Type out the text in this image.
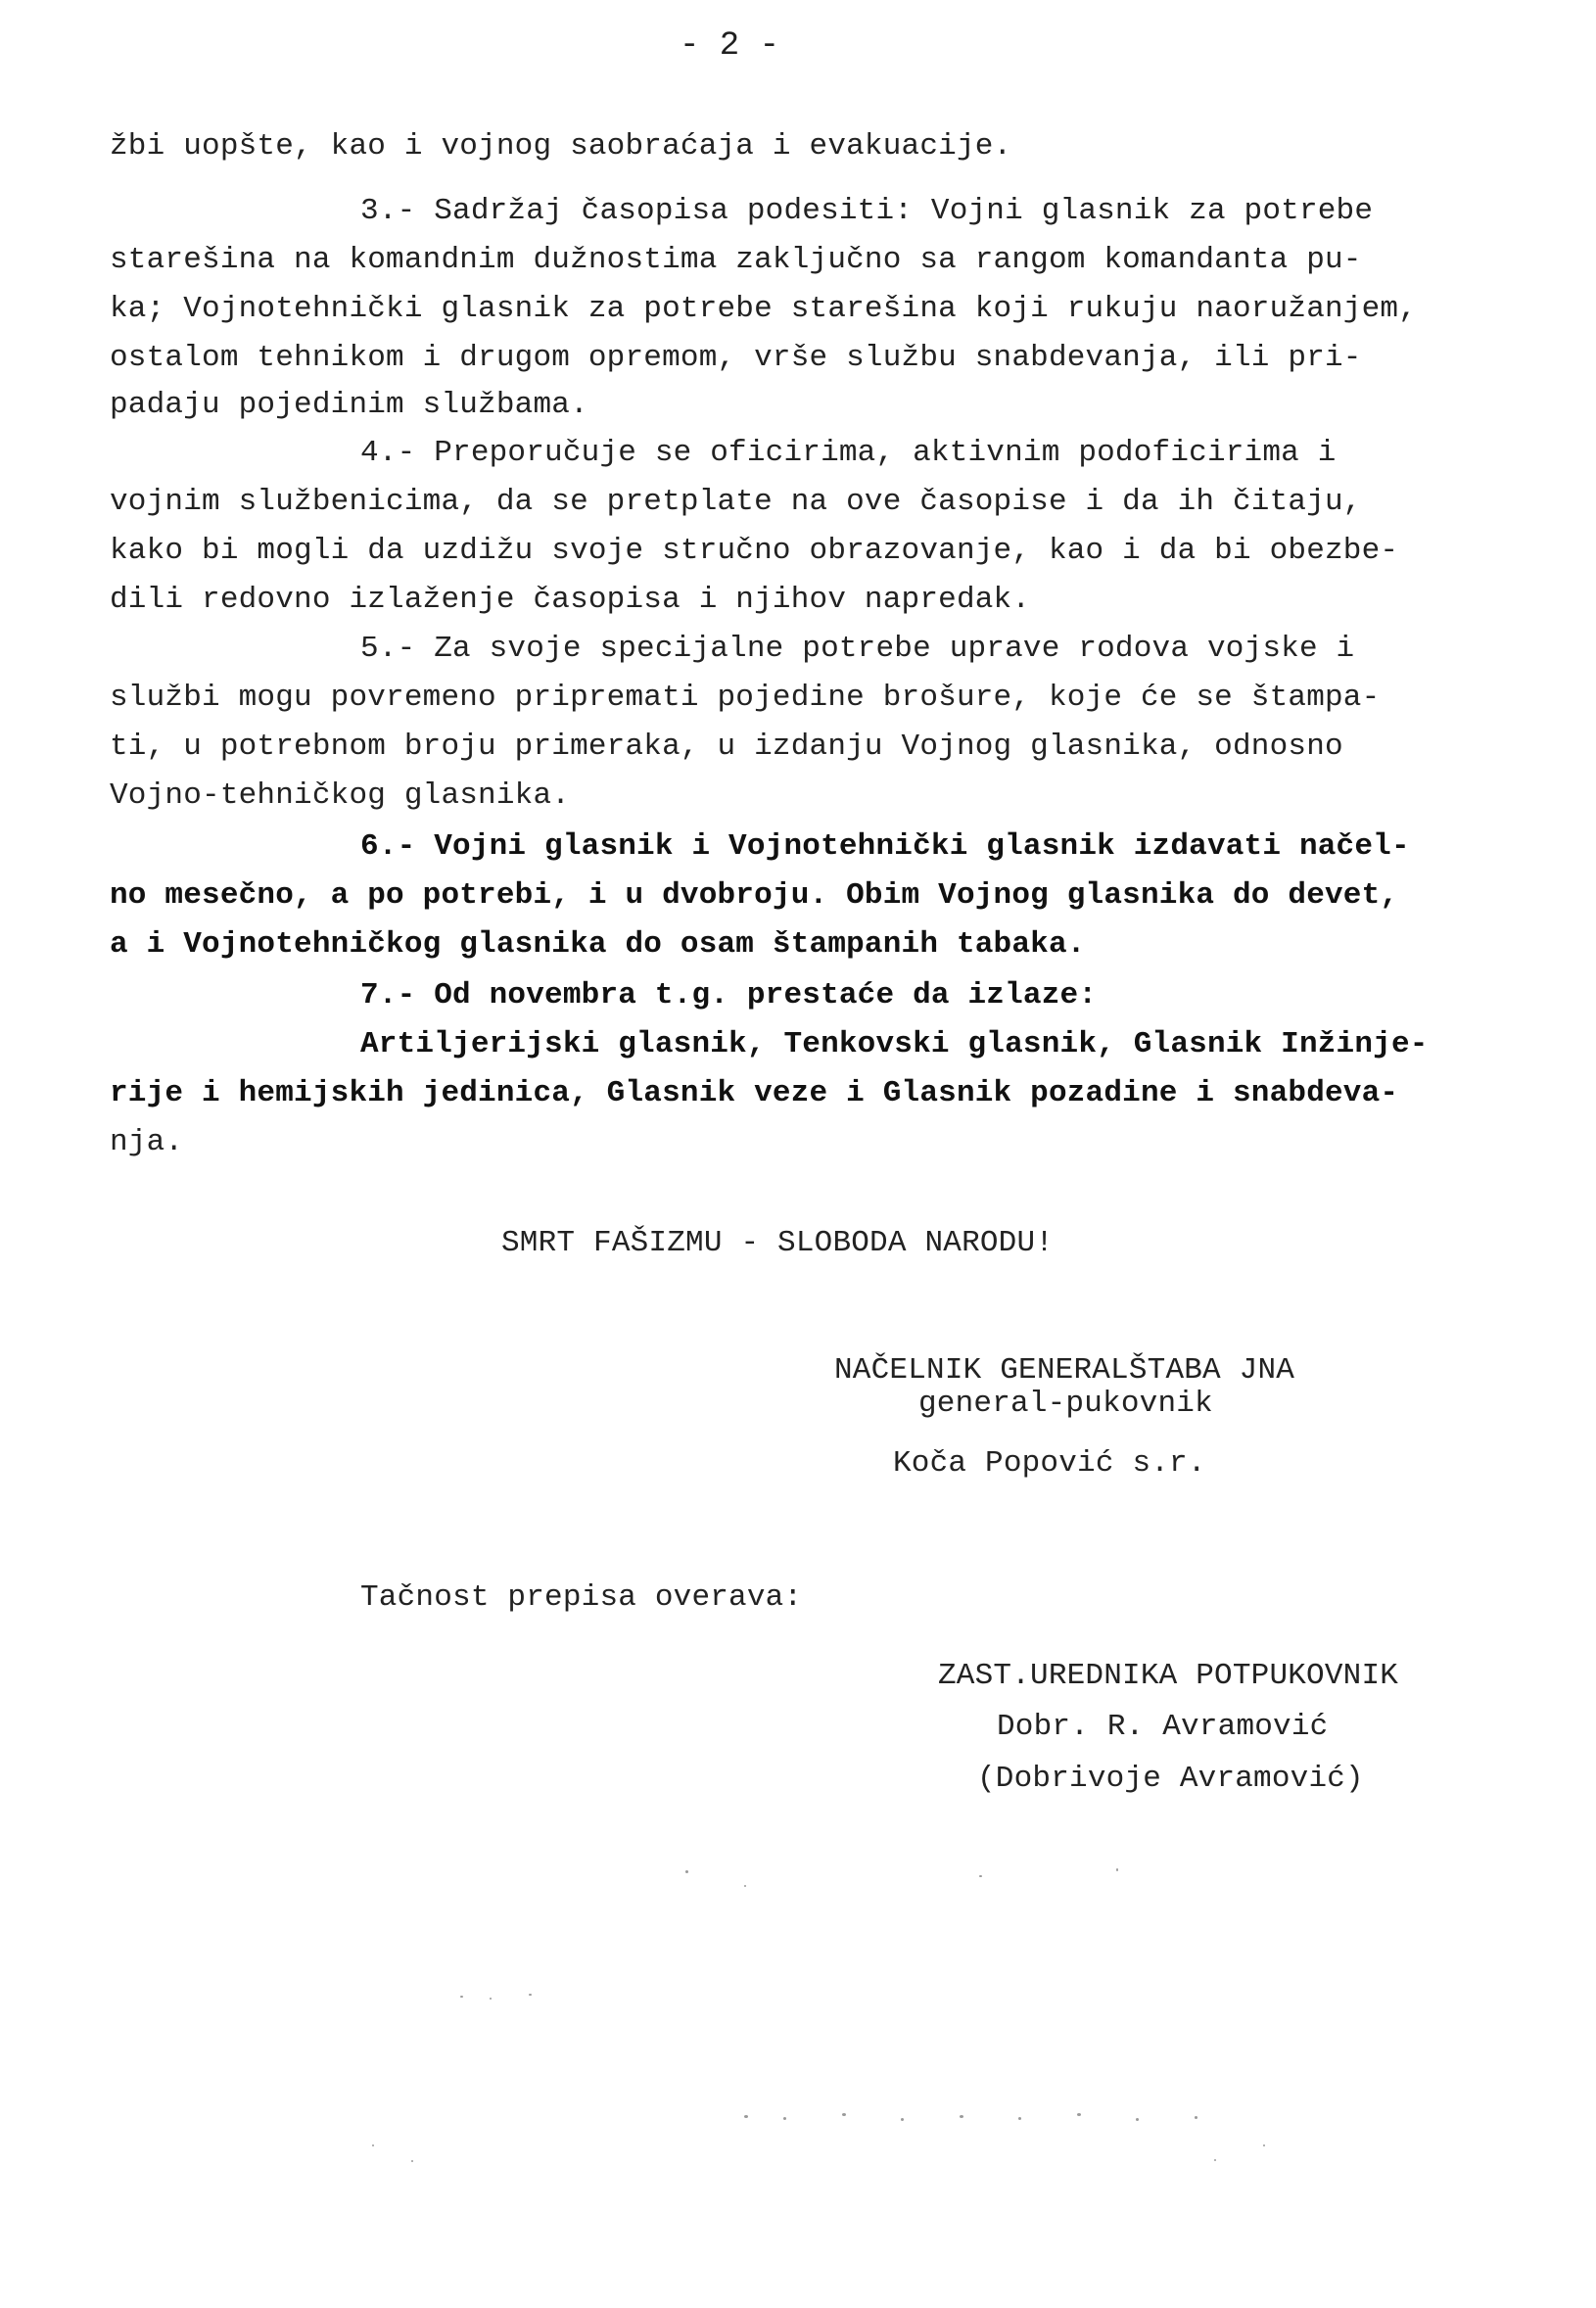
- 2 -
žbi uopšte, kao i vojnog saobraćaja i evakuacije.
3.- Sadržaj časopisa podesiti: Vojni glasnik za potrebe
starešina na komandnim dužnostima zaključno sa rangom komandanta pu-
ka; Vojnotehnički glasnik za potrebe starešina koji rukuju naoružanjem,
ostalom tehnikom i drugom opremom, vrše službu snabdevanja, ili pri-
padaju pojedinim službama.
4.- Preporučuje se oficirima, aktivnim podoficirima i
vojnim službenicima, da se pretplate na ove časopise i da ih čitaju,
kako bi mogli da uzdižu svoje stručno obrazovanje, kao i da bi obezbe-
dili redovno izlaženje časopisa i njihov napredak.
5.- Za svoje specijalne potrebe uprave rodova vojske i
službi mogu povremeno pripremati pojedine brošure, koje će se štampa-
ti, u potrebnom broju primeraka, u izdanju Vojnog glasnika, odnosno
Vojno-tehničkog glasnika.
6.- Vojni glasnik i Vojnotehnički glasnik izdavati načel-
no mesečno, a po potrebi, i u dvobroju. Obim Vojnog glasnika do devet,
a i Vojnotehničkog glasnika do osam štampanih tabaka.
7.- Od novembra t.g. prestaće da izlaze:
Artiljerijski glasnik, Tenkovski glasnik, Glasnik Inžinje-
rije i hemijskih jedinica, Glasnik veze i Glasnik pozadine i snabdeva-
nja.
SMRT FAŠIZMU - SLOBODA NARODU!
NAČELNIK GENERALŠTABA JNA
general-pukovnik
Koča Popović s.r.
Tačnost prepisa overava:
ZAST.UREDNIKA POTPUKOVNIK
Dobr. R. Avramović
(Dobrivoje Avramović)
